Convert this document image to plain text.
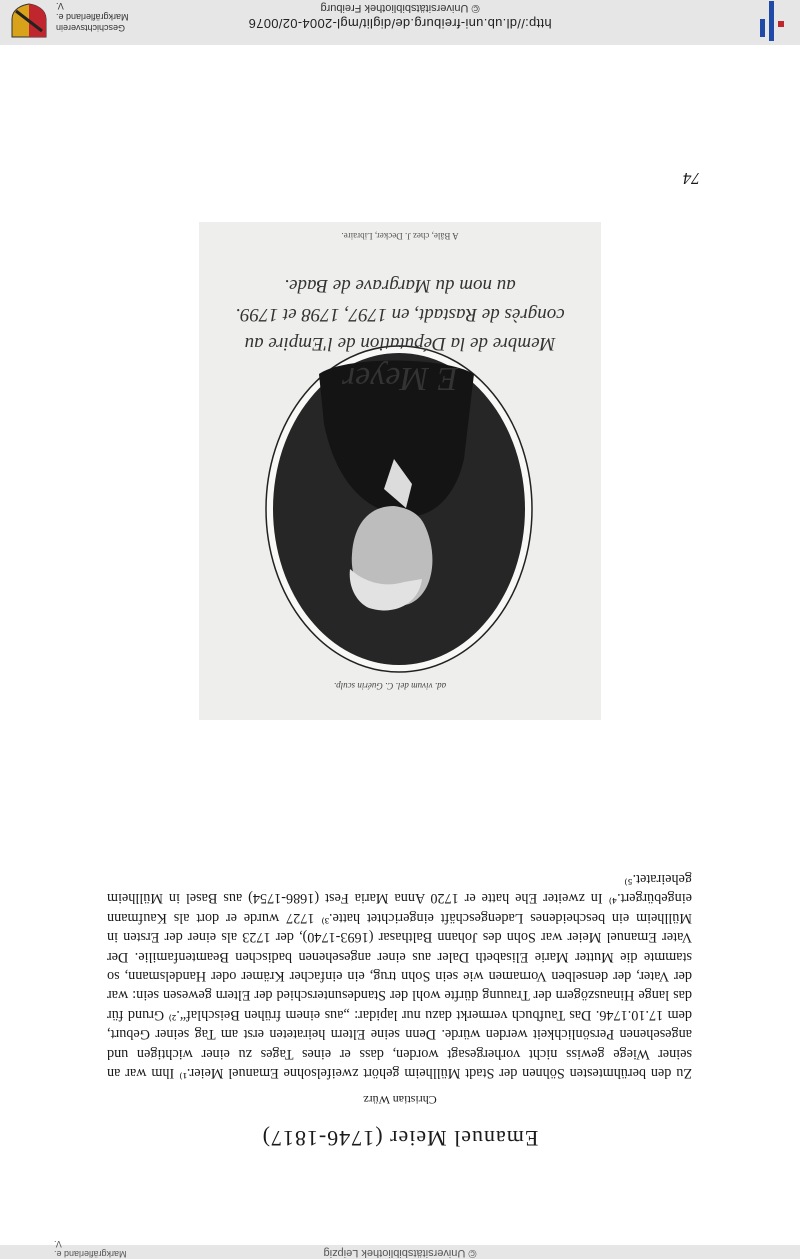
© Universitätsbibliothek Leipzig
Markgräflerland e. V.
Emanuel Meier (1746-1817)
Christian Würz

Zu den berühmtesten Söhnen der Stadt Müllheim gehört zweifelsohne Emanuel Meier.¹⁾ Ihm war an seiner Wiege gewiss nicht vorhergesagt worden, dass er eines Tages zu einer wichtigen und angesehenen Persönlichkeit werden würde. Denn seine Eltern heirateten erst am Tag seiner Geburt, dem 17.10.1746. Das Taufbuch vermerkt dazu nur lapidar: „aus einem frühen Beischlaf“.²⁾ Grund für das lange Hinauszögern der Trauung dürfte wohl der Standesunterschied der Eltern gewesen sein: war der Vater, der denselben Vornamen wie sein Sohn trug, ein einfacher Krämer oder Handelsmann, so stammte die Mutter Marie Elisabeth Daler aus einer angesehenen badischen Beamtenfamilie. Der Vater Emanuel Meier war Sohn des Johann Balthasar (1693-1740), der 1723 als einer der Ersten in Müllheim ein bescheidenes Ladengeschäft eingerichtet hatte.³⁾ 1727 wurde er dort als Kaufmann eingebürgert.⁴⁾ In zweiter Ehe hatte er 1720 Anna Maria Fest (1686-1754) aus Basel in Müllheim geheiratet.⁵⁾

ad. vivum del. C. Guérin sculp.
E Meyer
Membre de la Députation de l'Empire au
congrès de Rastadt, en 1797, 1798 et 1799.
au nom du Margrave de Bade.
A Bâle, chez J. Decker, Libraire.
74
http://dl.ub.uni-freiburg.de/diglit/mgl-2004-02/0076
© Universitätsbibliothek Freiburg
Geschichtsverein
Markgräflerland e. V.
